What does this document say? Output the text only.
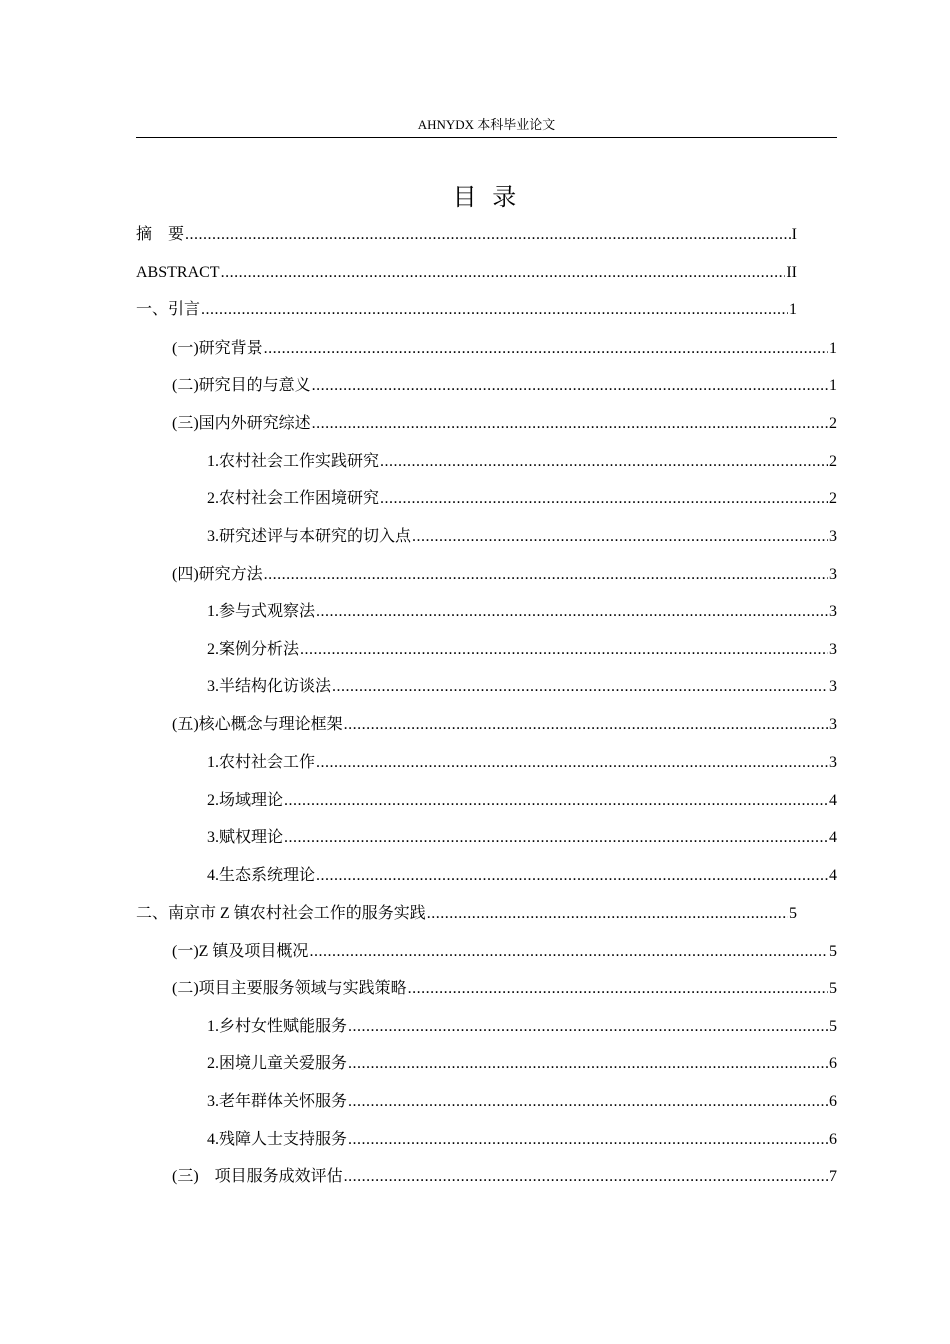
AHNYDX 本科毕业论文
目 录
摘    要 .....	I
ABSTRACT .....	II
一、引言 .....	1
(一)研究背景 .....	1
(二)研究目的与意义 .....	1
(三)国内外研究综述 .....	2
1.农村社会工作实践研究 .....	2
2.农村社会工作困境研究 .....	2
3.研究述评与本研究的切入点 .....	3
(四)研究方法 .....	3
1.参与式观察法 .....	3
2.案例分析法 .....	3
3.半结构化访谈法 .....	3
(五)核心概念与理论框架 .....	3
1.农村社会工作 .....	3
2.场域理论 .....	4
3.赋权理论 .....	4
4.生态系统理论 .....	4
二、南京市 Z 镇农村社会工作的服务实践 .....	5
(一)Z 镇及项目概况 .....	5
(二)项目主要服务领域与实践策略 .....	5
1.乡村女性赋能服务 .....	5
2.困境儿童关爱服务 .....	6
3.老年群体关怀服务 .....	6
4.残障人士支持服务 .....	6
(三)    项目服务成效评估 .....	7
